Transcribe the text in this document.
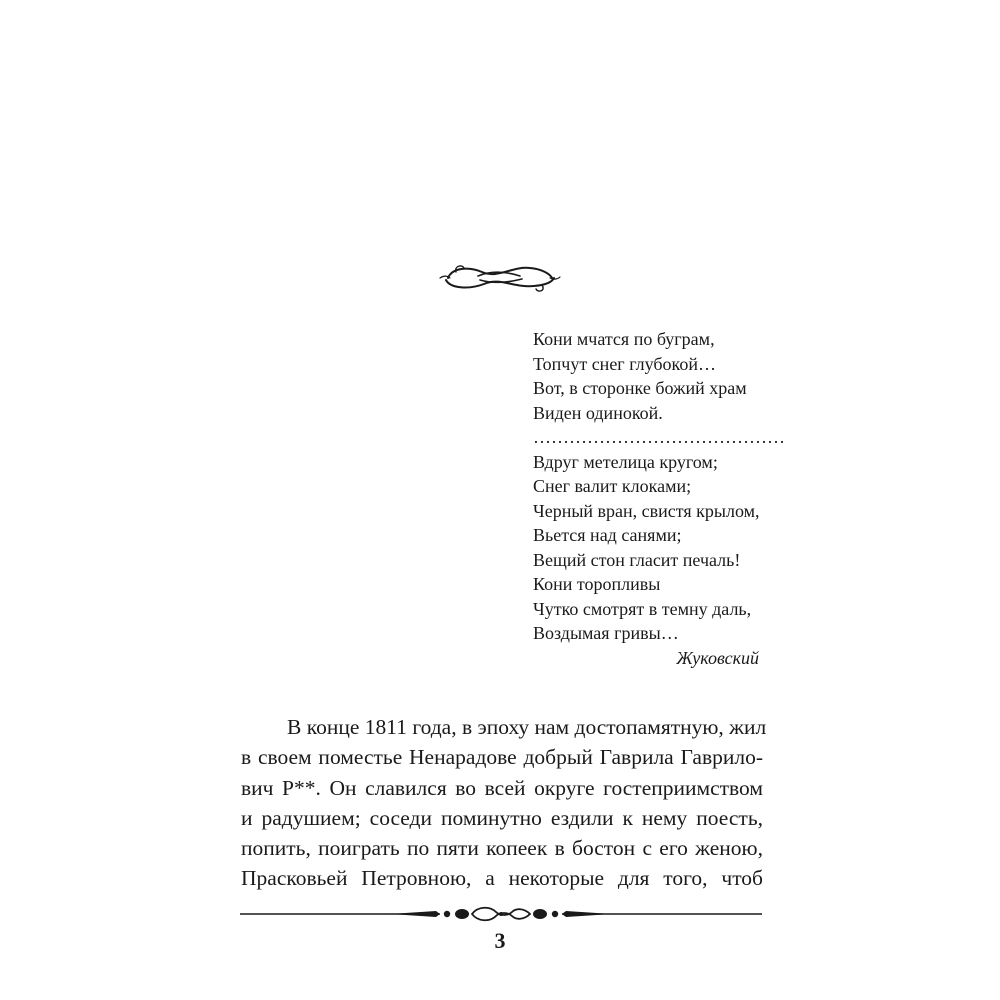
Кони мчатся по буграм,
Топчут снег глубокой…
Вот, в сторонке божий храм
Виден одинокой.
……………………………………
Вдруг метелица кругом;
Снег валит клоками;
Черный вран, свистя крылом,
Вьется над санями;
Вещий стон гласит печаль!
Кони торопливы
Чутко смотрят в темну даль,
Воздымая гривы…
Жуковский
В конце 1811 года, в эпоху нам достопамятную, жил
в своем поместье Ненарадове добрый Гаврила Гаврило-
вич Р**. Он славился во всей округе гостеприимством
и радушием; соседи поминутно ездили к нему поесть,
попить, поиграть по пяти копеек в бостон с его женою,
Прасковьей Петровною, а некоторые для того, чтоб
3
